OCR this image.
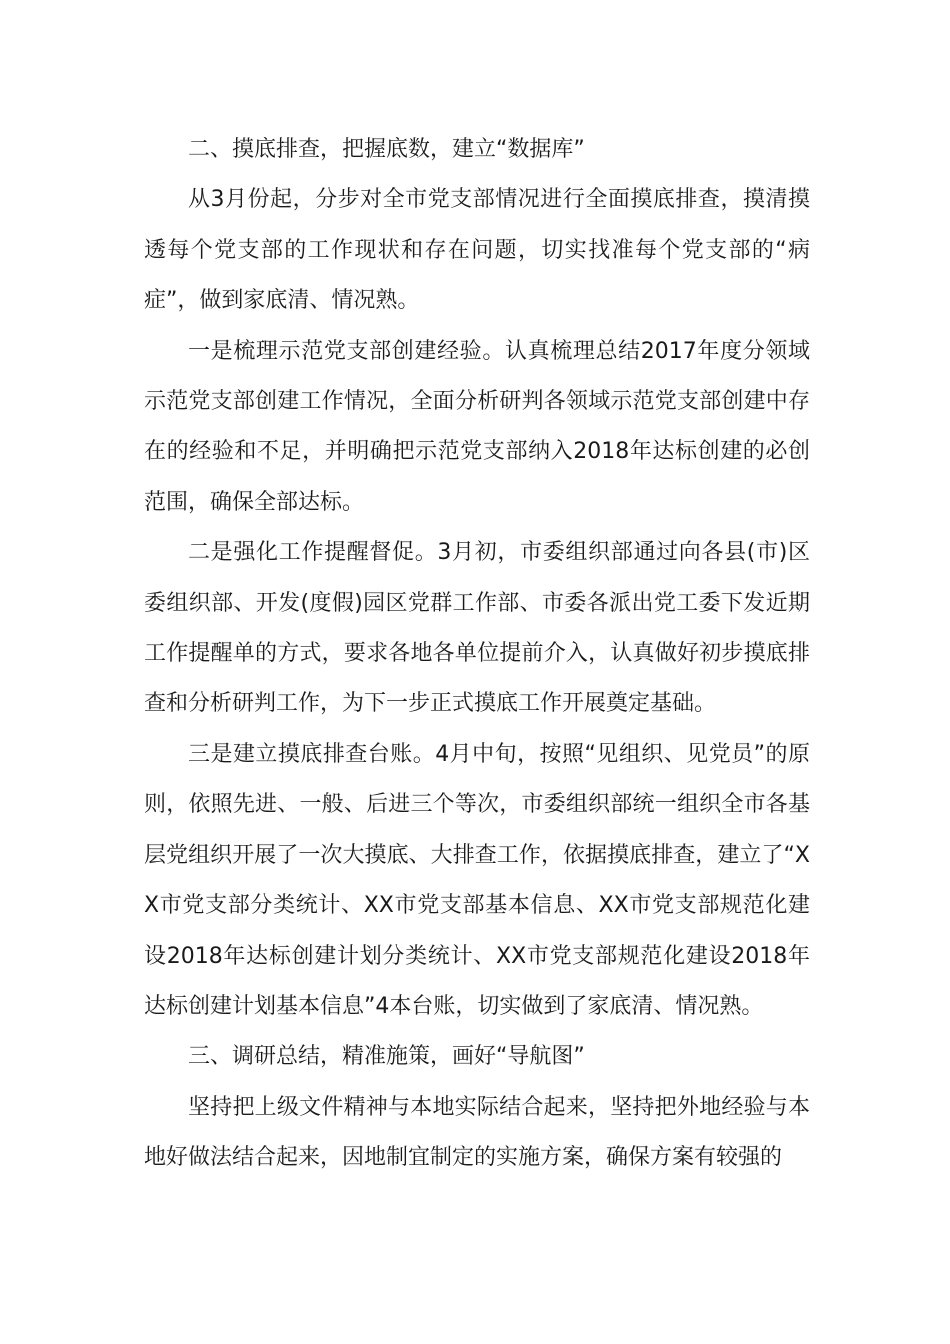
二、摸底排查，把握底数，建立“数据库”

从3月份起，分步对全市党支部情况进行全面摸底排查，摸清摸透每个党支部的工作现状和存在问题，切实找准每个党支部的“病症”，做到家底清、情况熟。

一是梳理示范党支部创建经验。认真梳理总结2017年度分领域示范党支部创建工作情况，全面分析研判各领域示范党支部创建中存在的经验和不足，并明确把示范党支部纳入2018年达标创建的必创范围，确保全部达标。

二是强化工作提醒督促。3月初，市委组织部通过向各县(市)区委组织部、开发(度假)园区党群工作部、市委各派出党工委下发近期工作提醒单的方式，要求各地各单位提前介入，认真做好初步摸底排查和分析研判工作，为下一步正式摸底工作开展奠定基础。

三是建立摸底排查台账。4月中旬，按照“见组织、见党员”的原则，依照先进、一般、后进三个等次，市委组织部统一组织全市各基层党组织开展了一次大摸底、大排查工作，依据摸底排查，建立了“XX市党支部分类统计、XX市党支部基本信息、XX市党支部规范化建设2018年达标创建计划分类统计、XX市党支部规范化建设2018年达标创建计划基本信息”4本台账，切实做到了家底清、情况熟。

三、调研总结，精准施策，画好“导航图”

坚持把上级文件精神与本地实际结合起来，坚持把外地经验与本地好做法结合起来，因地制宜制定的实施方案，确保方案有较强的
